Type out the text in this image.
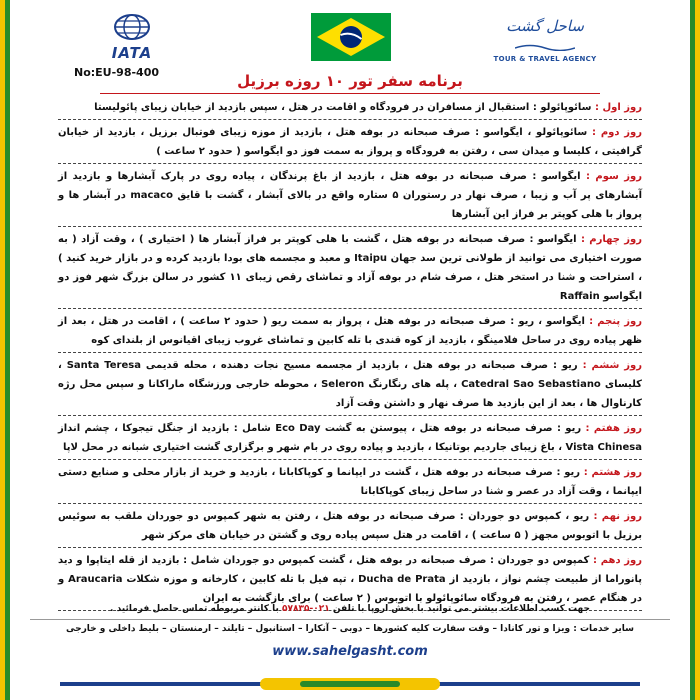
IATA
ساحل گشت
TOUR & TRAVEL AGENCY
No:EU-98-400	برنامه سفر تور ۱۰ روزه برزیل
روز اول : سائوپائولو : استقبال از مسافران در فرودگاه و اقامت در هتل ، سپس بازدید از خیابان زیبای پائولیستا
روز دوم : سائوپائولو ، ایگواسو : صرف صبحانه در بوفه هتل ، بازدید از موزه زیبای فوتبال برزیل ، بازدید از خیابان گرافیتی ، کلیسا و میدان سی ، رفتن به فرودگاه و پرواز به سمت فوز دو ایگواسو ( حدود ۲ ساعت )
روز سوم : ایگواسو : صرف صبحانه در بوفه هتل ، بازدید از باغ پرندگان ، پیاده روی در پارک آبشارها و بازدید از آبشارهای پر آب و زیبا ، صرف نهار در رستوران ۵ ستاره واقع در بالای آبشار ، گشت با قایق macaco در آبشار ها و پرواز با هلی کوپتر بر فراز این آبشارها
روز چهارم : ایگواسو : صرف صبحانه در بوفه هتل ، گشت با هلی کوپتر بر فراز آبشار ها ( اختیاری ) ، وقت آزاد ( به صورت اختیاری می توانید از طولانی ترین سد جهان Itaipu و معبد و مجسمه های بودا بازدید کرده و در بازار خرید کنید ) ، استراحت و شنا در استخر هتل ، صرف شام در بوفه آزاد و تماشای رقص زیبای ۱۱ کشور در سالن بزرگ شهر فوز دو ایگواسو Raffain
روز پنجم : ایگواسو ، ریو : صرف صبحانه در بوفه هتل ، پرواز به سمت ریو ( حدود ۲ ساعت ) ، اقامت در هتل ، بعد از ظهر پیاده روی در ساحل فلامینگو ، بازدید از کوه قندی با تله کابین و تماشای غروب زیبای اقیانوس از بلندای کوه
روز ششم : ریو : صرف صبحانه در بوفه هتل ، بازدید از مجسمه مسیح نجات دهنده ، محله قدیمی Santa Teresa ، کلیسای Catedral Sao Sebastiano ، پله های رنگارنگ Seleron ، محوطه خارجی ورزشگاه ماراکانا و سپس محل رژه کارناوال ها ، بعد از این بازدید ها صرف نهار و داشتن وقت آزاد
روز هفتم : ریو : صرف صبحانه در بوفه هتل ، پیوستن به گشت Eco Day شامل : بازدید از جنگل تیجوکا ، چشم انداز Vista Chinesa ، باغ زیبای جاردیم بوتانیکا ، بازدید و پیاده روی در بام شهر و برگزاری گشت اختیاری شبانه در محل لاپا
روز هشتم : ریو : صرف صبحانه در بوفه هتل ، گشت در ایپانما و کوپاکابانا ، بازدید و خرید از بازار محلی و صنایع دستی ایپانما ، وقت آزاد در عصر و شنا در ساحل زیبای کوپاکابانا
روز نهم : ریو ، کمپوس دو جوردان : صرف صبحانه در بوفه هتل ، رفتن به شهر کمپوس دو جوردان ملقب به سوئیس برزیل با اتوبوس مجهز ( ۵ ساعت ) ، اقامت در هتل سپس پیاده روی و گشتن در خیابان های مرکز شهر
روز دهم : کمپوس دو جوردان : صرف صبحانه در بوفه هتل ، گشت کمپوس دو جوردان شامل : بازدید از قله ایتاپوا و دید پانوراما از طبیعت چشم نواز ، بازدید از Ducha de Prata ، تپه فیل با تله کابین ، کارخانه و موزه شکلات Araucaria و در هنگام عصر ، رفتن به فرودگاه سائوپائولو با اتوبوس ( ۲ ساعت ) برای بازگشت به ایران
جهت کسب اطلاعات بیشتر می توانید با بخش اروپا با تلفن ۰۲۱-۵۷۸۳۵ با کانتر مربوطه تماس حاصل فرمائید .
سایر خدمات : ویزا و تور کانادا – وقت سفارت کلیه کشورها – دوبی – آنکارا – استانبول – تایلند – ارمنستان – بلیط داخلی و خارجی
www.sahelgasht.com
